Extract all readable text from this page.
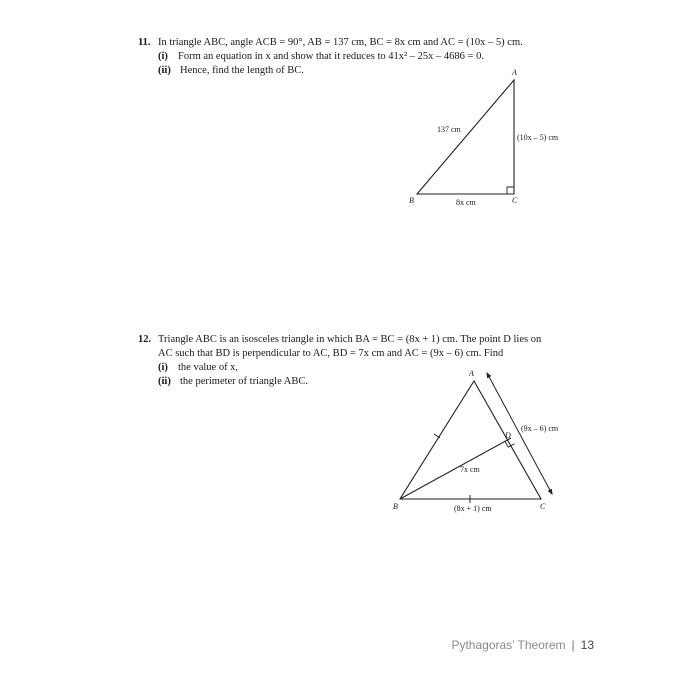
11. In triangle ABC, angle ACB = 90°, AB = 137 cm, BC = 8x cm and AC = (10x – 5) cm.
(i) Form an equation in x and show that it reduces to 41x² – 25x – 4686 = 0.
(ii) Hence, find the length of BC.	A
B	C
137 cm
(10x – 5) cm
8x cm
12. Triangle ABC is an isosceles triangle in which BA = BC = (8x + 1) cm. The point D lies on
AC such that BD is perpendicular to AC, BD = 7x cm and AC = (9x – 6) cm. Find
(i) the value of x,
(ii) the perimeter of triangle ABC.
A
B	C
D
7x cm
(8x + 1) cm
(9x – 6) cm
Pythagoras’ Theorem | 13
